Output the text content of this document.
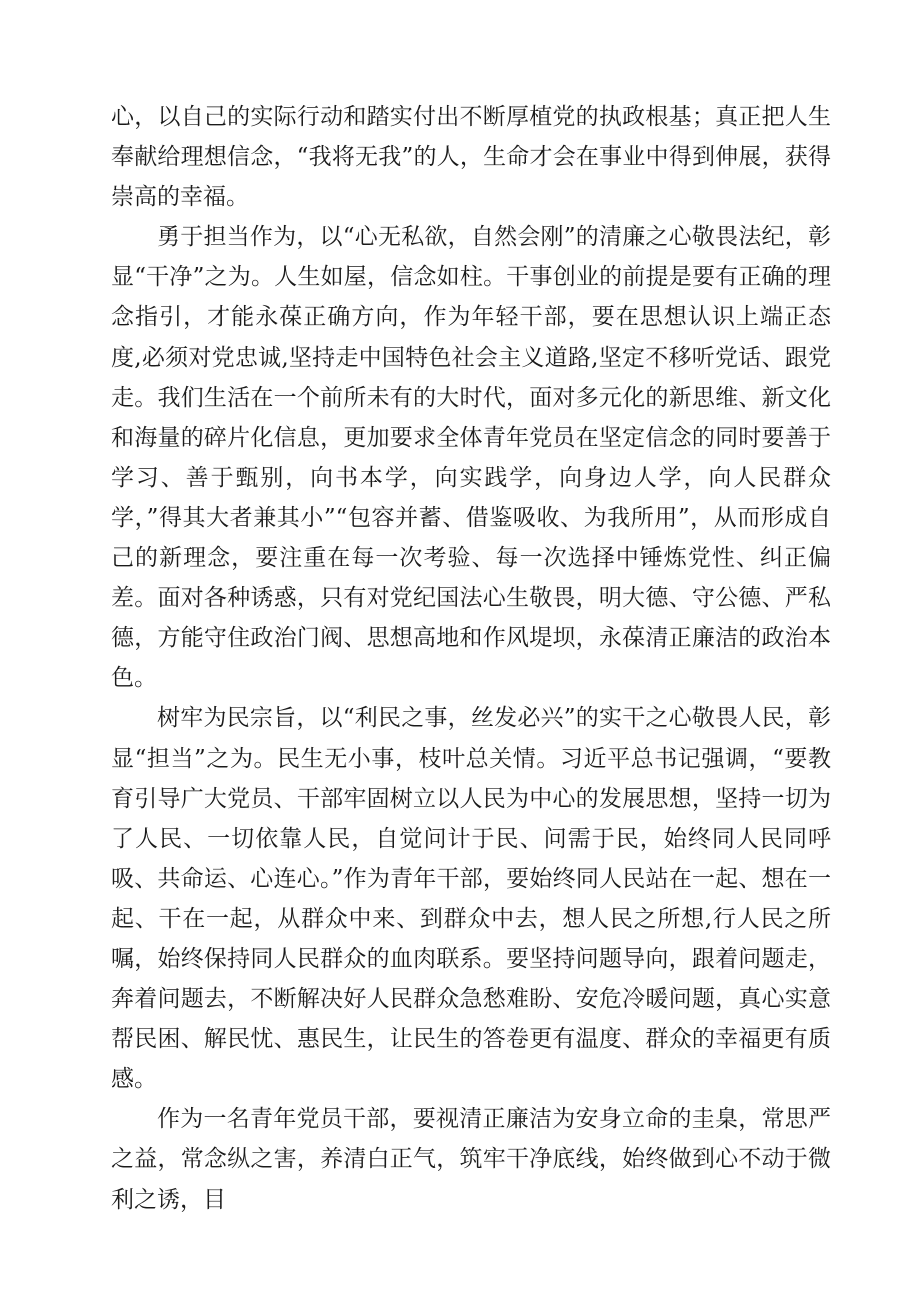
心，以自己的实际行动和踏实付出不断厚植党的执政根基；真正把人生奉献给理想信念，“我将无我”的人，生命才会在事业中得到伸展，获得崇高的幸福。

勇于担当作为，以“心无私欲，自然会刚”的清廉之心敬畏法纪，彰显“干净”之为。人生如屋，信念如柱。干事创业的前提是要有正确的理念指引，才能永葆正确方向，作为年轻干部，要在思想认识上端正态度,必须对党忠诚,坚持走中国特色社会主义道路,坚定不移听党话、跟党走。我们生活在一个前所未有的大时代，面对多元化的新思维、新文化和海量的碎片化信息，更加要求全体青年党员在坚定信念的同时要善于学习、善于甄别，向书本学，向实践学，向身边人学，向人民群众学，”得其大者兼其小”“包容并蓄、借鉴吸收、为我所用”，从而形成自己的新理念，要注重在每一次考验、每一次选择中锤炼党性、纠正偏差。面对各种诱惑，只有对党纪国法心生敬畏，明大德、守公德、严私德，方能守住政治门阀、思想高地和作风堤坝，永葆清正廉洁的政治本色。

树牢为民宗旨，以“利民之事，丝发必兴”的实干之心敬畏人民，彰显“担当”之为。民生无小事，枝叶总关情。习近平总书记强调，“要教育引导广大党员、干部牢固树立以人民为中心的发展思想，坚持一切为了人民、一切依靠人民，自觉问计于民、问需于民，始终同人民同呼吸、共命运、心连心。”作为青年干部，要始终同人民站在一起、想在一起、干在一起，从群众中来、到群众中去，想人民之所想,行人民之所嘱，始终保持同人民群众的血肉联系。要坚持问题导向，跟着问题走，奔着问题去，不断解决好人民群众急愁难盼、安危冷暖问题，真心实意帮民困、解民忧、惠民生，让民生的答卷更有温度、群众的幸福更有质感。

作为一名青年党员干部，要视清正廉洁为安身立命的圭臬，常思严之益，常念纵之害，养清白正气，筑牢干净底线，始终做到心不动于微利之诱，目
